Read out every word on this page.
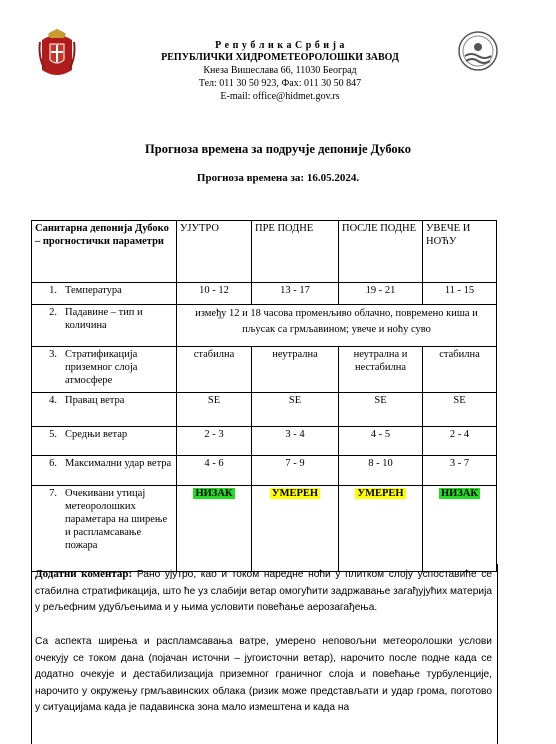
Р е п у б л и к а С р б и ј а
РЕПУБЛИЧКИ ХИДРОМЕТЕОРОЛОШКИ ЗАВОД
Кнеза Вишеслава 66, 11030 Београд
Тел: 011 30 50 923, Фах: 011 30 50 847
E-mail: office@hidmet.gov.rs
Прогноза времена за подручје депоније Дубоко
Прогноза времена за: 16.05.2024.
Санитарна депонија Дубоко – прогностички параметри	УЈУТРО	ПРЕ ПОДНЕ	ПОСЛЕ ПОДНЕ	УВЕЧЕ И НОЋУ

1. Температура	10 - 12	13 - 17	19 - 21	11 - 15

2. Падавине – тип и количина	између 12 и 18 часова променљиво облачно, повремено киша и пљусак са грмљавином; увече и ноћу суво			

3. Стратификација приземног слоја атмосфере	стабилна	неутрална	неутрална и нестабилна	стабилна

4. Правац ветра	SE	SE	SE	SE

5. Средњи ветар	2 - 3	3 - 4	4 - 5	2 - 4

6. Максимални удар ветра	4 - 6	7 - 9	8 - 10	3 - 7

7. Очекивани утицај метеоролошких параметара на ширење и распламсавање пожара	НИЗАК	УМЕРЕН	УМЕРЕН	НИЗАК
Додатни коментар: Рано ујутро, као и током наредне ноћи у плитком слоју успоставиће се стабилна стратификација, што ће уз слабији ветар омогућити задржавање загађујућих материја у рељефним удубљењима и у њима условити повећање аерозагађења.
Са аспекта ширења и распламсавања ватре, умерено неповољни метеоролошки услови очекују се током дана (појачан источни – југоисточни ветар), нарочито после подне када се додатно очекује и дестабилизација приземног граничног слоја и повећање турбуленције, нарочито у окружењу грмљавинских облака (ризик може представљати и удар грома, поготово у ситуацијама када је падавинска зона мало измештена и када на
